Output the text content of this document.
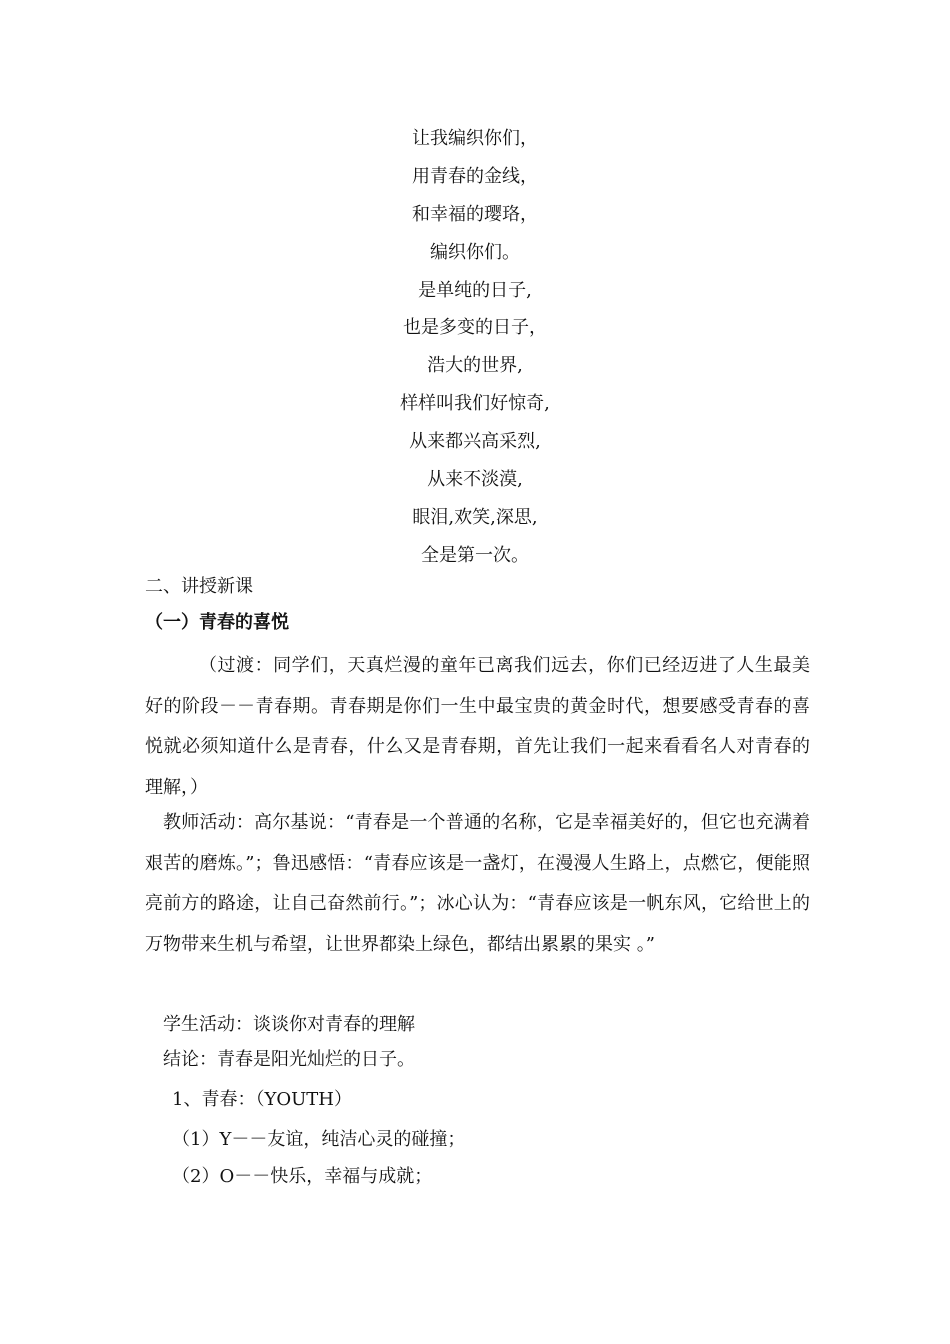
让我编织你们，
用青春的金线，
和幸福的璎珞，
编织你们。
是单纯的日子,
也是多变的日子，
浩大的世界,
样样叫我们好惊奇,
从来都兴高采烈,
从来不淡漠,
眼泪,欢笑,深思,
全是第一次。
二、讲授新课
（一）青春的喜悦
（过渡：同学们，天真烂漫的童年已离我们远去，你们已经迈进了人生最美好的阶段－－青春期。青春期是你们一生中最宝贵的黄金时代，想要感受青春的喜悦就必须知道什么是青春，什么又是青春期，首先让我们一起来看看名人对青春的理解，）
教师活动：高尔基说：“青春是一个普通的名称，它是幸福美好的，但它也充满着艰苦的磨炼。”；鲁迅感悟：“青春应该是一盏灯，在漫漫人生路上，点燃它，便能照亮前方的路途，让自己奋然前行。”；冰心认为：“青春应该是一帆东风，它给世上的万物带来生机与希望，让世界都染上绿色，都结出累累的果实 。”
学生活动：谈谈你对青春的理解
结论：青春是阳光灿烂的日子。
1、青春：（YOUTH）
（1）Y－－友谊，纯洁心灵的碰撞；
（2）O－－快乐，幸福与成就；
